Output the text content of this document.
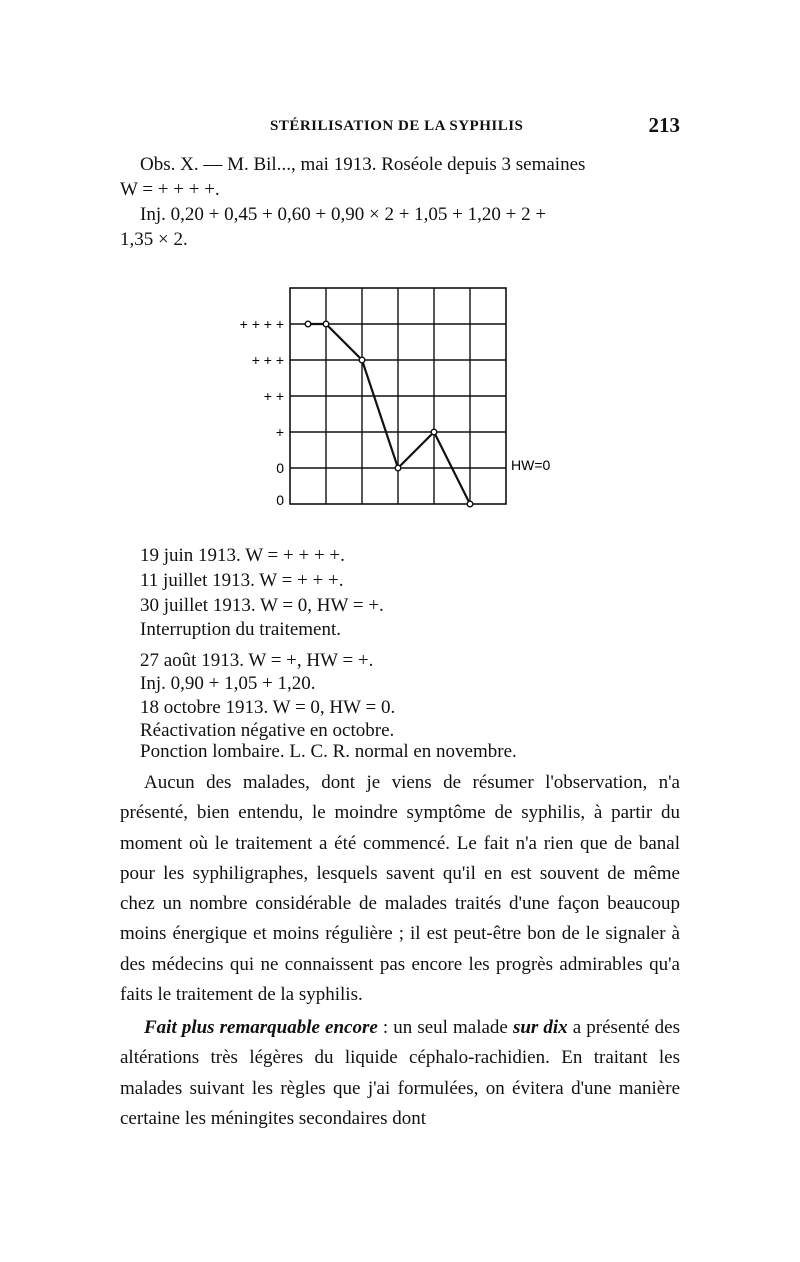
STÉRILISATION DE LA SYPHILIS	213
Obs. X. — M. Bil..., mai 1913. Roséole depuis 3 semaines
W = + + + +.
Inj. 0,20 + 0,45 + 0,60 + 0,90 × 2 + 1,05 + 1,20 + 2 +
1,35 × 2.
+ + + +
+ + +
+ +
+
0
0
HW=0
19 juin 1913. W = + + + +.
11 juillet 1913. W = + + +.
30 juillet 1913. W = 0, HW = +.
Interruption du traitement.
27 août 1913. W = +, HW = +.
Inj. 0,90 + 1,05 + 1,20.
18 octobre 1913. W = 0, HW = 0.
Réactivation négative en octobre.
Ponction lombaire. L. C. R. normal en novembre.
Aucun des malades, dont je viens de résumer l'observation, n'a présenté, bien entendu, le moindre symptôme de syphilis, à partir du moment où le traitement a été commencé. Le fait n'a rien que de banal pour les syphiligraphes, lesquels savent qu'il en est souvent de même chez un nombre considérable de malades traités d'une façon beaucoup moins énergique et moins régulière ; il est peut-être bon de le signaler à des médecins qui ne connaissent pas encore les progrès admirables qu'a faits le traitement de la syphilis.
Fait plus remarquable encore : un seul malade sur dix a présenté des altérations très légères du liquide céphalo-rachidien. En traitant les malades suivant les règles que j'ai formulées, on évitera d'une manière certaine les méningites secondaires dont
